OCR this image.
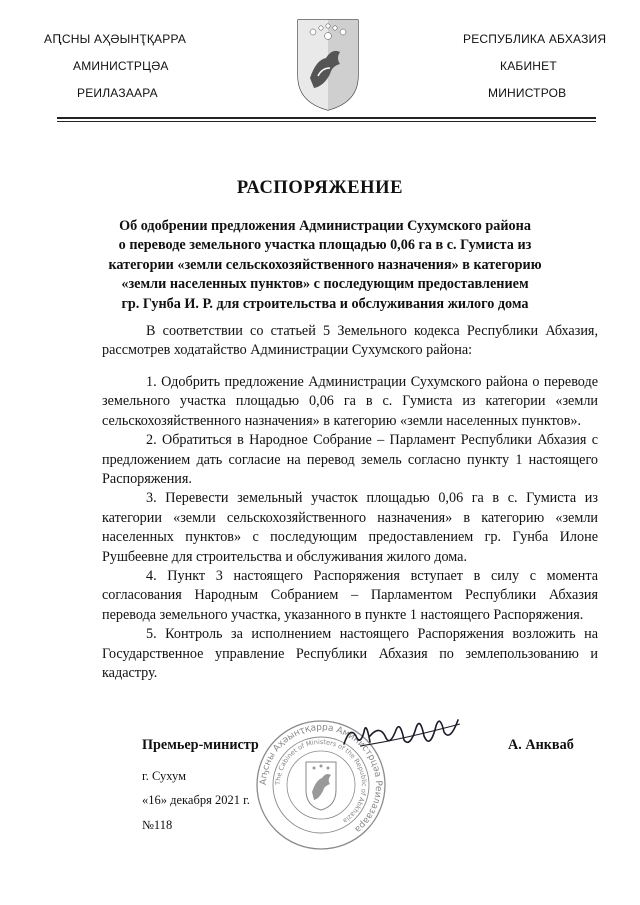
АԤСНЫ АҲӘЫНҬҚАРРА
АМИНИСТРЦӘА
РЕИЛАЗААРА
РЕСПУБЛИКА АБХАЗИЯ
КАБИНЕТ
МИНИСТРОВ
РАСПОРЯЖЕНИЕ
Об одобрении предложения Администрации Сухумского района
о переводе земельного участка площадью 0,06 га в с. Гумиста из
категории «земли сельскохозяйственного назначения» в категорию
«земли населенных пунктов» с последующим предоставлением
гр. Гунба И. Р. для строительства и обслуживания жилого дома

В соответствии со статьей 5 Земельного кодекса Республики Абхазия, рассмотрев ходатайство Администрации Сухумского района:

1. Одобрить предложение Администрации Сухумского района о переводе земельного участка площадью 0,06 га в с. Гумиста из категории «земли сельскохозяйственного назначения» в категорию «земли населенных пунктов».

2. Обратиться в Народное Собрание – Парламент Республики Абхазия с предложением дать согласие на перевод земель согласно пункту 1 настоящего Распоряжения.

3. Перевести земельный участок площадью 0,06 га в с. Гумиста из категории «земли сельскохозяйственного назначения» в категорию «земли населенных пунктов» с последующим предоставлением гр. Гунба Илоне Рушбеевне для строительства и обслуживания жилого дома.

4. Пункт 3 настоящего Распоряжения вступает в силу с момента согласования Народным Собранием – Парламентом Республики Абхазия перевода земельного участка, указанного в пункте 1 настоящего Распоряжения.

5. Контроль за исполнением настоящего Распоряжения возложить на Государственное управление Республики Абхазия по землепользованию и кадастру.

Аҧсны Аҳәынҭқарра Аминистрцәа Реилазаара
The Cabinet of Ministers of the Republic of Abkhazia
Премьер-министр	А. Анкваб
г. Сухум
«16» декабря 2021 г.
№118
